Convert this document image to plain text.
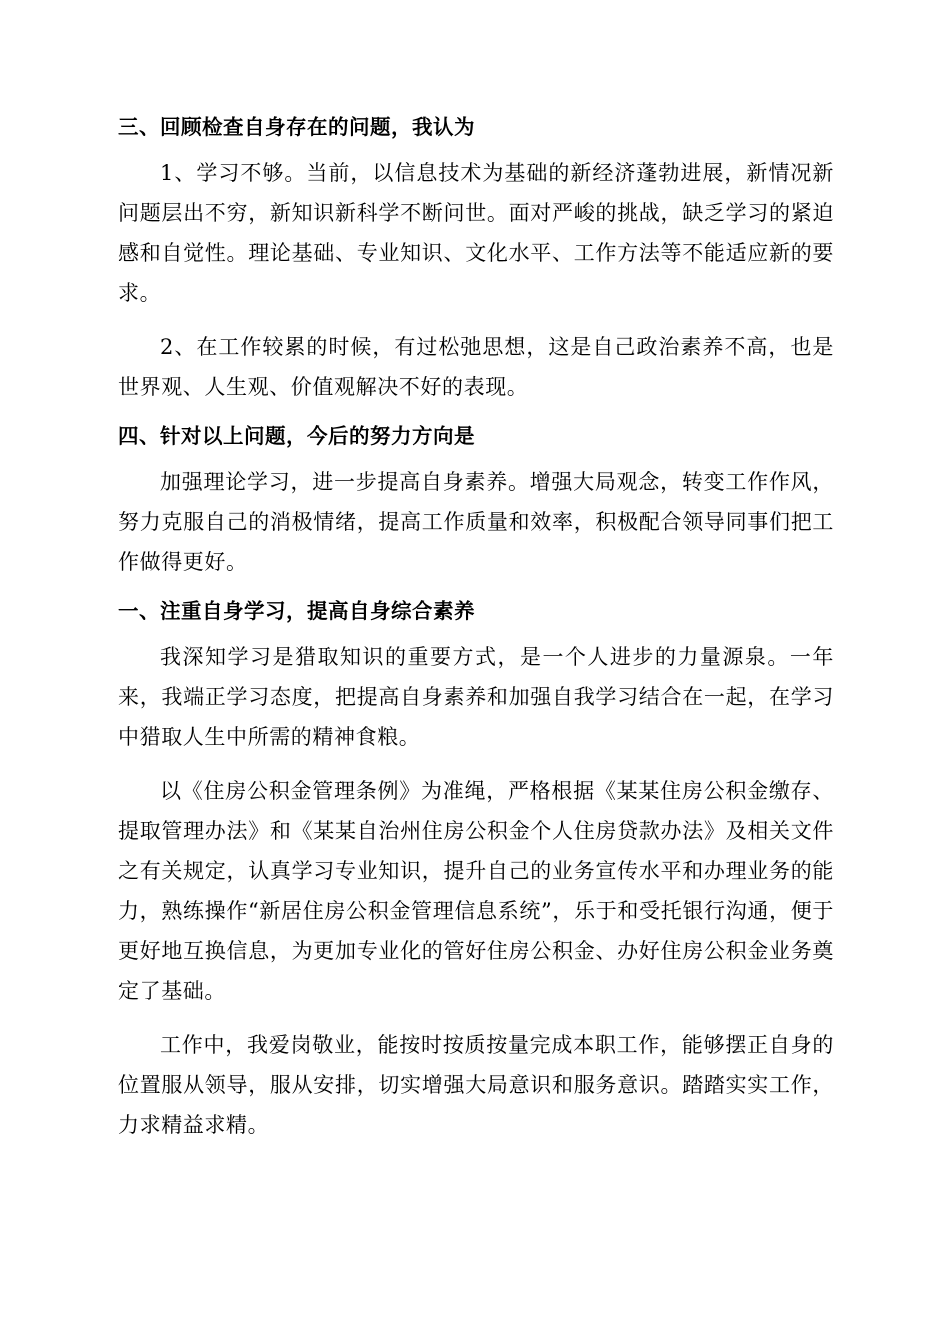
三、回顾检查自身存在的问题，我认为

1、学习不够。当前，以信息技术为基础的新经济蓬勃进展，新情况新问题层出不穷，新知识新科学不断问世。面对严峻的挑战，缺乏学习的紧迫感和自觉性。理论基础、专业知识、文化水平、工作方法等不能适应新的要求。

2、在工作较累的时候，有过松弛思想，这是自己政治素养不高，也是世界观、人生观、价值观解决不好的表现。

四、针对以上问题，今后的努力方向是

加强理论学习，进一步提高自身素养。增强大局观念，转变工作作风，努力克服自己的消极情绪，提高工作质量和效率，积极配合领导同事们把工作做得更好。

一、注重自身学习，提高自身综合素养

我深知学习是猎取知识的重要方式，是一个人进步的力量源泉。一年来，我端正学习态度，把提高自身素养和加强自我学习结合在一起，在学习中猎取人生中所需的精神食粮。

以《住房公积金管理条例》为准绳，严格根据《某某住房公积金缴存、提取管理办法》和《某某自治州住房公积金个人住房贷款办法》及相关文件之有关规定，认真学习专业知识，提升自己的业务宣传水平和办理业务的能力，熟练操作“新居住房公积金管理信息系统”，乐于和受托银行沟通，便于更好地互换信息，为更加专业化的管好住房公积金、办好住房公积金业务奠定了基础。

工作中，我爱岗敬业，能按时按质按量完成本职工作，能够摆正自身的位置服从领导，服从安排，切实增强大局意识和服务意识。踏踏实实工作，力求精益求精。
